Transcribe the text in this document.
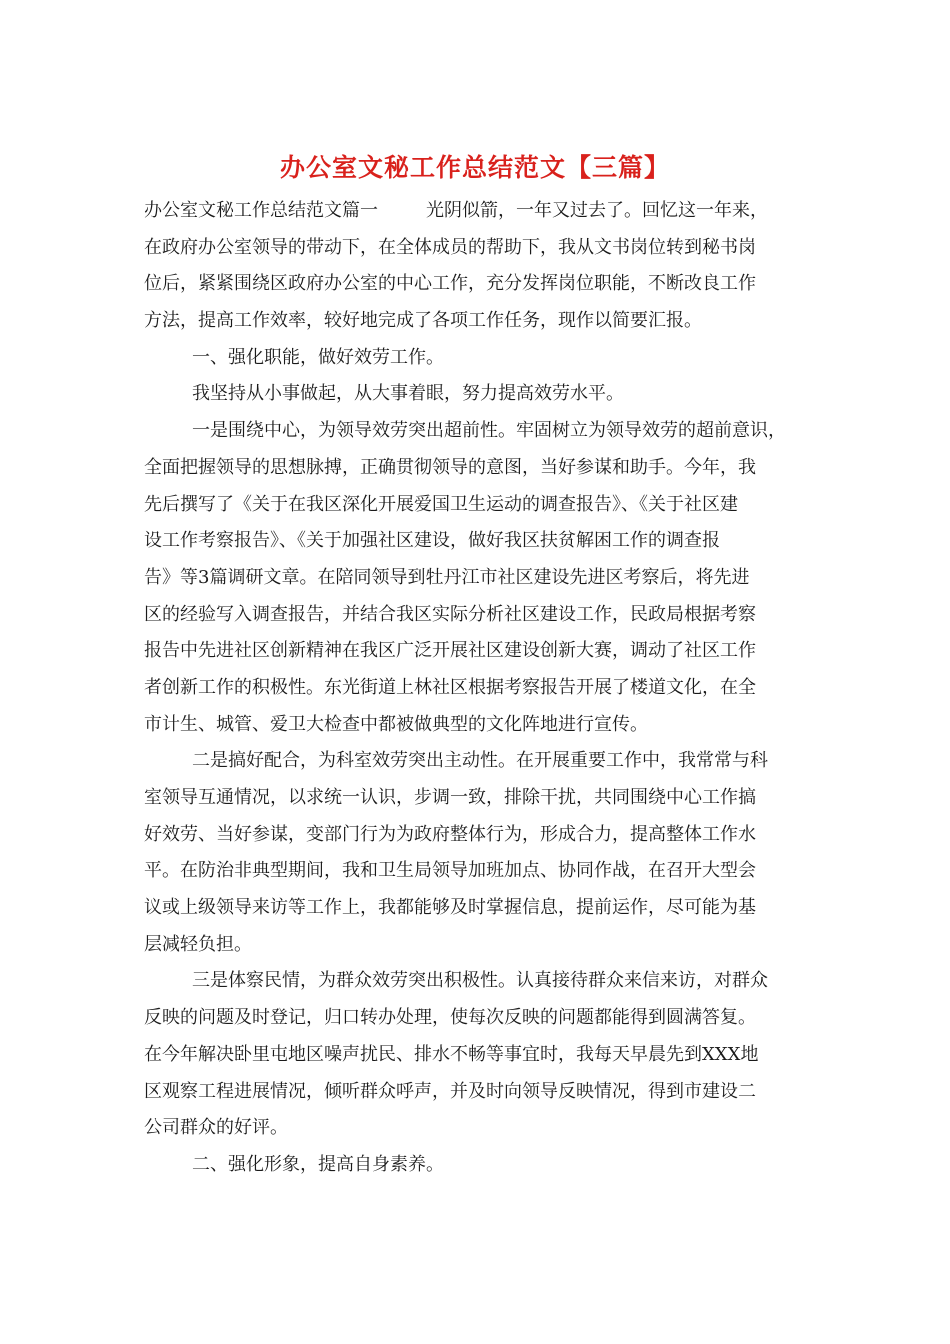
办公室文秘工作总结范文【三篇】
办公室文秘工作总结范文篇一	光阴似箭，一年又过去了。回忆这一年来，
在政府办公室领导的带动下，在全体成员的帮助下，我从文书岗位转到秘书岗
位后，紧紧围绕区政府办公室的中心工作，充分发挥岗位职能，不断改良工作
方法，提高工作效率，较好地完成了各项工作任务，现作以简要汇报。
一、强化职能，做好效劳工作。
我坚持从小事做起，从大事着眼，努力提高效劳水平。
一是围绕中心，为领导效劳突出超前性。牢固树立为领导效劳的超前意识，
全面把握领导的思想脉搏，正确贯彻领导的意图，当好参谋和助手。今年，我
先后撰写了《关于在我区深化开展爱国卫生运动的调查报告》、《关于社区建
设工作考察报告》、《关于加强社区建设，做好我区扶贫解困工作的调查报
告》等3篇调研文章。在陪同领导到牡丹江市社区建设先进区考察后，将先进
区的经验写入调查报告，并结合我区实际分析社区建设工作，民政局根据考察
报告中先进社区创新精神在我区广泛开展社区建设创新大赛，调动了社区工作
者创新工作的积极性。东光街道上林社区根据考察报告开展了楼道文化，在全
市计生、城管、爱卫大检查中都被做典型的文化阵地进行宣传。
二是搞好配合，为科室效劳突出主动性。在开展重要工作中，我常常与科
室领导互通情况，以求统一认识，步调一致，排除干扰，共同围绕中心工作搞
好效劳、当好参谋，变部门行为为政府整体行为，形成合力，提高整体工作水
平。在防治非典型期间，我和卫生局领导加班加点、协同作战，在召开大型会
议或上级领导来访等工作上，我都能够及时掌握信息，提前运作，尽可能为基
层减轻负担。
三是体察民情，为群众效劳突出积极性。认真接待群众来信来访，对群众
反映的问题及时登记，归口转办处理，使每次反映的问题都能得到圆满答复。
在今年解决卧里屯地区噪声扰民、排水不畅等事宜时，我每天早晨先到XXX地
区观察工程进展情况，倾听群众呼声，并及时向领导反映情况，得到市建设二
公司群众的好评。
二、强化形象，提高自身素养。
